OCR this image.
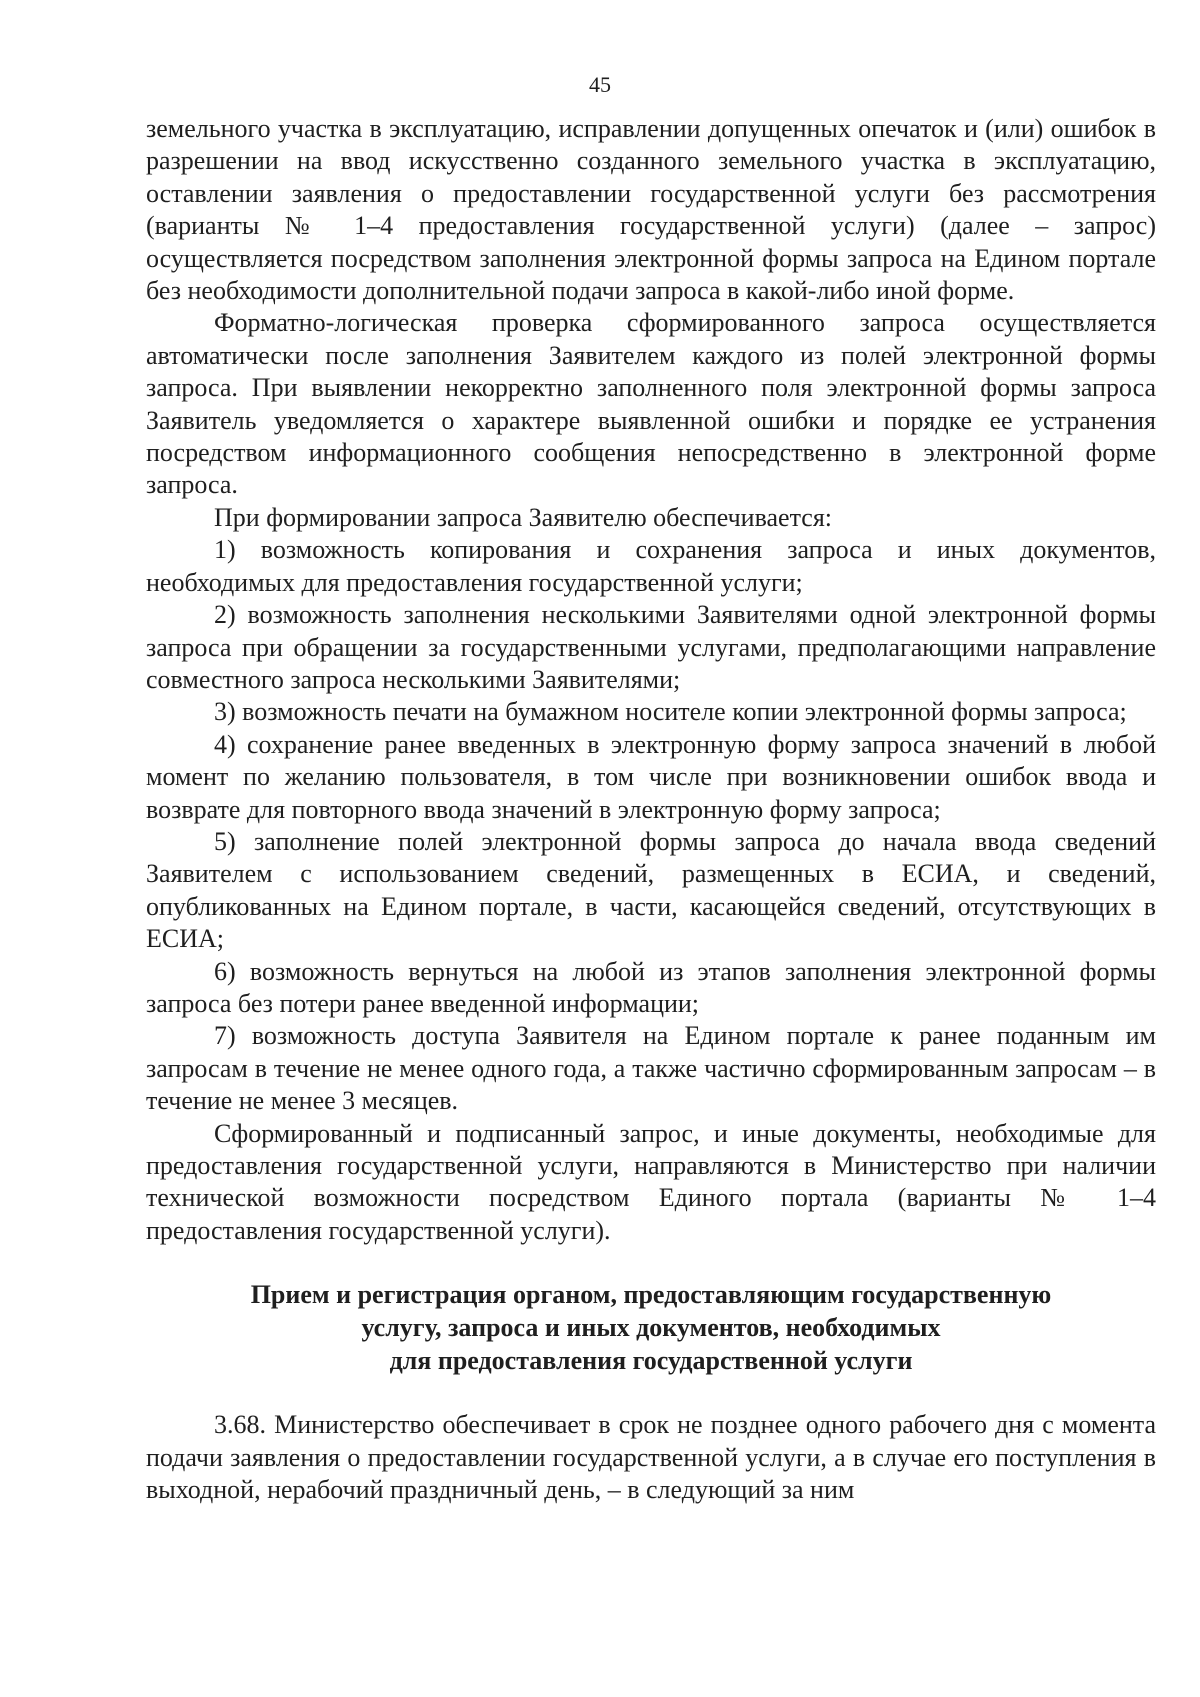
45

земельного участка в эксплуатацию, исправлении допущенных опечаток и (или) ошибок в разрешении на ввод искусственно созданного земельного участка в эксплуатацию, оставлении заявления о предоставлении государственной услуги без рассмотрения (варианты № 1–4 предоставления государственной услуги) (далее – запрос) осуществляется посредством заполнения электронной формы запроса на Едином портале без необходимости дополнительной подачи запроса в какой-либо иной форме.

Форматно-логическая проверка сформированного запроса осуществляется автоматически после заполнения Заявителем каждого из полей электронной формы запроса. При выявлении некорректно заполненного поля электронной формы запроса Заявитель уведомляется о характере выявленной ошибки и порядке ее устранения посредством информационного сообщения непосредственно в электронной форме запроса.

При формировании запроса Заявителю обеспечивается:

1) возможность копирования и сохранения запроса и иных документов, необходимых для предоставления государственной услуги;

2) возможность заполнения несколькими Заявителями одной электронной формы запроса при обращении за государственными услугами, предполагающими направление совместного запроса несколькими Заявителями;

3) возможность печати на бумажном носителе копии электронной формы запроса;

4) сохранение ранее введенных в электронную форму запроса значений в любой момент по желанию пользователя, в том числе при возникновении ошибок ввода и возврате для повторного ввода значений в электронную форму запроса;

5) заполнение полей электронной формы запроса до начала ввода сведений Заявителем с использованием сведений, размещенных в ЕСИА, и сведений, опубликованных на Едином портале, в части, касающейся сведений, отсутствующих в ЕСИА;

6) возможность вернуться на любой из этапов заполнения электронной формы запроса без потери ранее введенной информации;

7) возможность доступа Заявителя на Едином портале к ранее поданным им запросам в течение не менее одного года, а также частично сформированным запросам – в течение не менее 3 месяцев.

Сформированный и подписанный запрос, и иные документы, необходимые для предоставления государственной услуги, направляются в Министерство при наличии технической возможности посредством Единого портала (варианты № 1–4 предоставления государственной услуги).

Прием и регистрация органом, предоставляющим государственную
услугу, запроса и иных документов, необходимых
для предоставления государственной услуги

3.68. Министерство обеспечивает в срок не позднее одного рабочего дня с момента подачи заявления о предоставлении государственной услуги, а в случае его поступления в выходной, нерабочий праздничный день, – в следующий за ним
